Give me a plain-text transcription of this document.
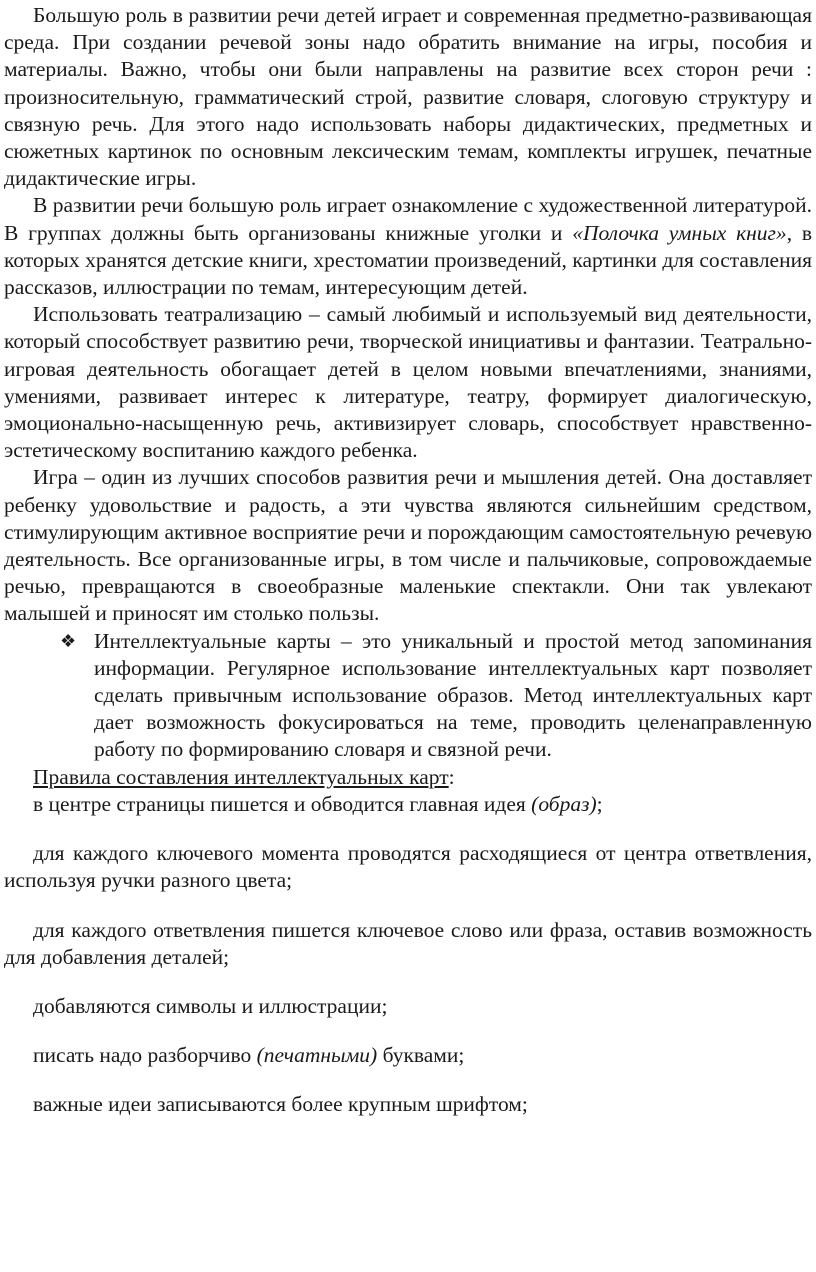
Большую роль в развитии речи детей играет и современная предметно-развивающая среда. При создании речевой зоны надо обратить внимание на игры, пособия и материалы. Важно, чтобы они были направлены на развитие всех сторон речи : произносительную, грамматический строй, развитие словаря, слоговую структуру и связную речь. Для этого надо использовать наборы дидактических, предметных и сюжетных картинок по основным лексическим темам, комплекты игрушек, печатные дидактические игры.

В развитии речи большую роль играет ознакомление с художественной литературой. В группах должны быть организованы книжные уголки и «Полочка умных книг», в которых хранятся детские книги, хрестоматии произведений, картинки для составления рассказов, иллюстрации по темам, интересующим детей.

Использовать театрализацию – самый любимый и используемый вид деятельности, который способствует развитию речи, творческой инициативы и фантазии. Театрально-игровая деятельность обогащает детей в целом новыми впечатлениями, знаниями, умениями, развивает интерес к литературе, театру, формирует диалогическую, эмоционально-насыщенную речь, активизирует словарь, способствует нравственно-эстетическому воспитанию каждого ребенка.

Игра – один из лучших способов развития речи и мышления детей. Она доставляет ребенку удовольствие и радость, а эти чувства являются сильнейшим средством, стимулирующим активное восприятие речи и порождающим самостоятельную речевую деятельность. Все организованные игры, в том числе и пальчиковые, сопровождаемые речью, превращаются в своеобразные маленькие спектакли. Они так увлекают малышей и приносят им столько пользы.

❖ Интеллектуальные карты – это уникальный и простой метод запоминания информации. Регулярное использование интеллектуальных карт позволяет сделать привычным использование образов. Метод интеллектуальных карт дает возможность фокусироваться на теме, проводить целенаправленную работу по формированию словаря и связной речи.

Правила составления интеллектуальных карт:

в центре страницы пишется и обводится главная идея (образ);

для каждого ключевого момента проводятся расходящиеся от центра ответвления, используя ручки разного цвета;

для каждого ответвления пишется ключевое слово или фраза, оставив возможность для добавления деталей;

добавляются символы и иллюстрации;

писать надо разборчиво (печатными) буквами;

важные идеи записываются более крупным шрифтом;
